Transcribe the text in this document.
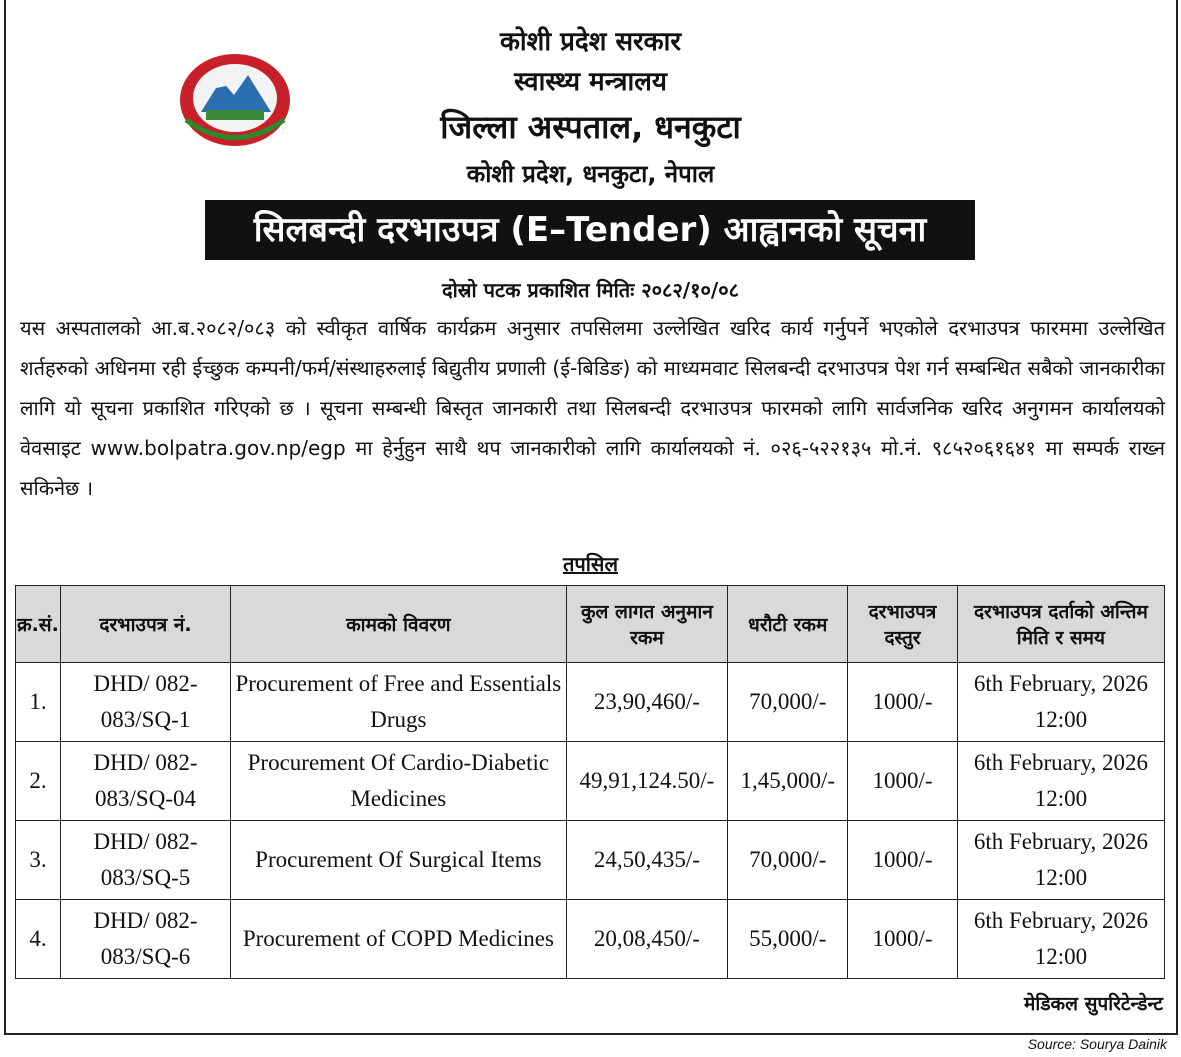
कोशी प्रदेश सरकार
स्वास्थ्य मन्त्रालय
जिल्ला अस्पताल, धनकुटा
कोशी प्रदेश, धनकुटा, नेपाल
सिलबन्दी दरभाउपत्र (E–Tender) आह्वानको सूचना
दोस्रो पटक प्रकाशित मितिः २०८२/१०/०८
यस अस्पतालको आ.ब.२०८२/०८३ को स्वीकृत वार्षिक कार्यक्रम अनुसार तपसिलमा उल्लेखित खरिद कार्य गर्नुपर्ने भएकोले दरभाउपत्र फारममा उल्लेखित शर्तहरुको अधिनमा रही ईच्छुक कम्पनी/फर्म/संस्थाहरुलाई बिद्युतीय प्रणाली (ई-बिडिङ) को माध्यमवाट सिलबन्दी दरभाउपत्र पेश गर्न सम्बन्धित सबैको जानकारीका लागि यो सूचना प्रकाशित गरिएको छ । सूचना सम्बन्धी बिस्तृत जानकारी तथा सिलबन्दी दरभाउपत्र फारमको लागि सार्वजनिक खरिद अनुगमन कार्यालयको वेवसाइट www.bolpatra.gov.np/egp मा हेर्नुहुन साथै थप जानकारीको लागि कार्यालयको नं. ०२६-५२२१३५ मो.नं. ९८५२०६१६४१ मा सम्पर्क राख्न सकिनेछ ।
तपसिल
क्र.सं.	दरभाउपत्र नं.	कामको विवरण	कुल लागत अनुमान रकम	धरौटी रकम	दरभाउपत्र दस्तुर	दरभाउपत्र दर्ताको अन्तिम मिति र समय
1.	DHD/ 082-083/SQ-1	Procurement of Free and Essentials Drugs	23,90,460/-	70,000/-	1000/-	6th February, 2026 12:00
2.	DHD/ 082-083/SQ-04	Procurement Of Cardio-Diabetic Medicines	49,91,124.50/-	1,45,000/-	1000/-	6th February, 2026 12:00
3.	DHD/ 082-083/SQ-5	Procurement Of Surgical Items	24,50,435/-	70,000/-	1000/-	6th February, 2026 12:00
4.	DHD/ 082-083/SQ-6	Procurement of COPD Medicines	20,08,450/-	55,000/-	1000/-	6th February, 2026 12:00
मेडिकल सुपरिटेन्डेन्ट
Source: Sourya Dainik
